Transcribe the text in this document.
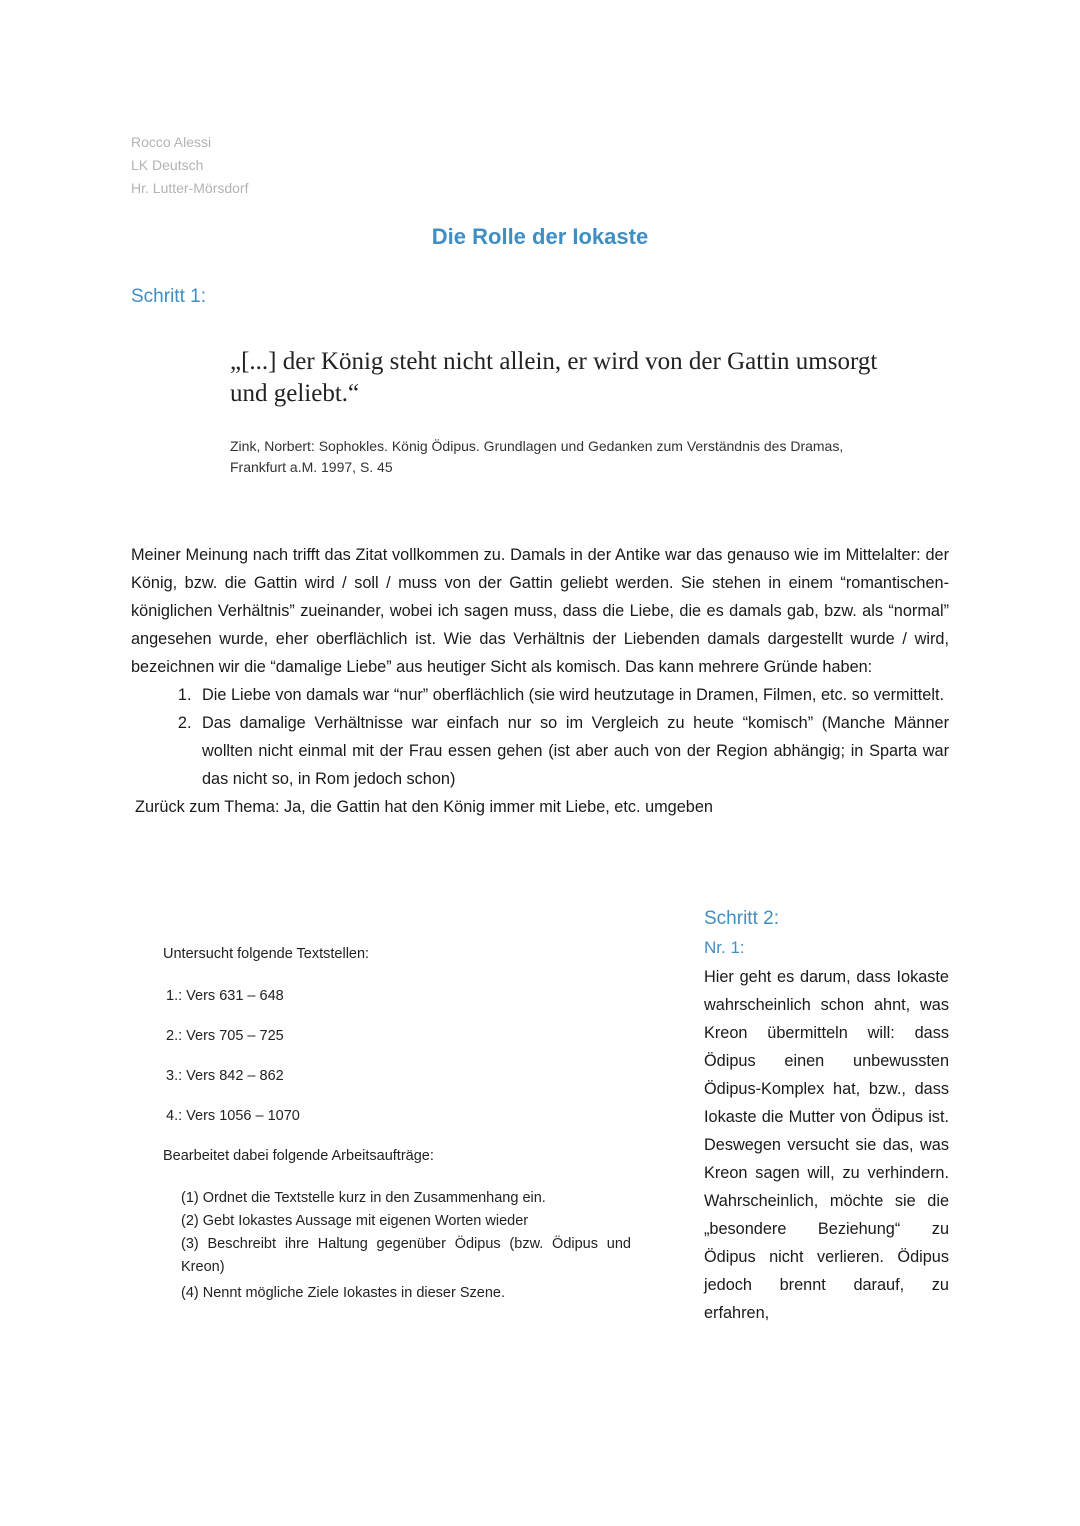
Rocco Alessi
LK Deutsch
Hr. Lutter-Mörsdorf
Die Rolle der Iokaste
Schritt 1:
„[...] der König steht nicht allein, er wird von der Gattin umsorgt und geliebt.“
Zink, Norbert: Sophokles. König Ödipus. Grundlagen und Gedanken zum Verständnis des Dramas, Frankfurt a.M. 1997, S. 45

Meiner Meinung nach trifft das Zitat vollkommen zu. Damals in der Antike war das genauso wie im Mittelalter: der König, bzw. die Gattin wird / soll / muss von der Gattin geliebt werden. Sie stehen in einem “romantischen-königlichen Verhältnis” zueinander, wobei ich sagen muss, dass die Liebe, die es damals gab, bzw. als “normal” angesehen wurde, eher oberflächlich ist. Wie das Verhältnis der Liebenden damals dargestellt wurde / wird, bezeichnen wir die “damalige Liebe” aus heutiger Sicht als komisch. Das kann mehrere Gründe haben:

1. Die Liebe von damals war “nur” oberflächlich (sie wird heutzutage in Dramen, Filmen, etc. so vermittelt.
2. Das damalige Verhältnisse war einfach nur so im Vergleich zu heute “komisch” (Manche Männer wollten nicht einmal mit der Frau essen gehen (ist aber auch von der Region abhängig; in Sparta war das nicht so, in Rom jedoch schon)

Zurück zum Thema: Ja, die Gattin hat den König immer mit Liebe, etc. umgeben

Untersucht folgende Textstellen:
1.: Vers 631 – 648
2.: Vers 705 – 725
3.: Vers 842 – 862
4.: Vers 1056 – 1070
Bearbeitet dabei folgende Arbeitsaufträge:
(1) Ordnet die Textstelle kurz in den Zusammenhang ein.
(2) Gebt Iokastes Aussage mit eigenen Worten wieder
(3) Beschreibt ihre Haltung gegenüber Ödipus (bzw. Ödipus und Kreon)
(4) Nennt mögliche Ziele Iokastes in dieser Szene.
Schritt 2:
Nr. 1:
Hier geht es darum, dass Iokaste wahrscheinlich schon ahnt, was Kreon übermitteln will: dass Ödipus einen unbewussten Ödipus-Komplex hat, bzw., dass Iokaste die Mutter von Ödipus ist. Deswegen versucht sie das, was Kreon sagen will, zu verhindern. Wahrscheinlich, möchte sie die „besondere Beziehung“ zu Ödipus nicht verlieren. Ödipus jedoch brennt darauf, zu erfahren,
